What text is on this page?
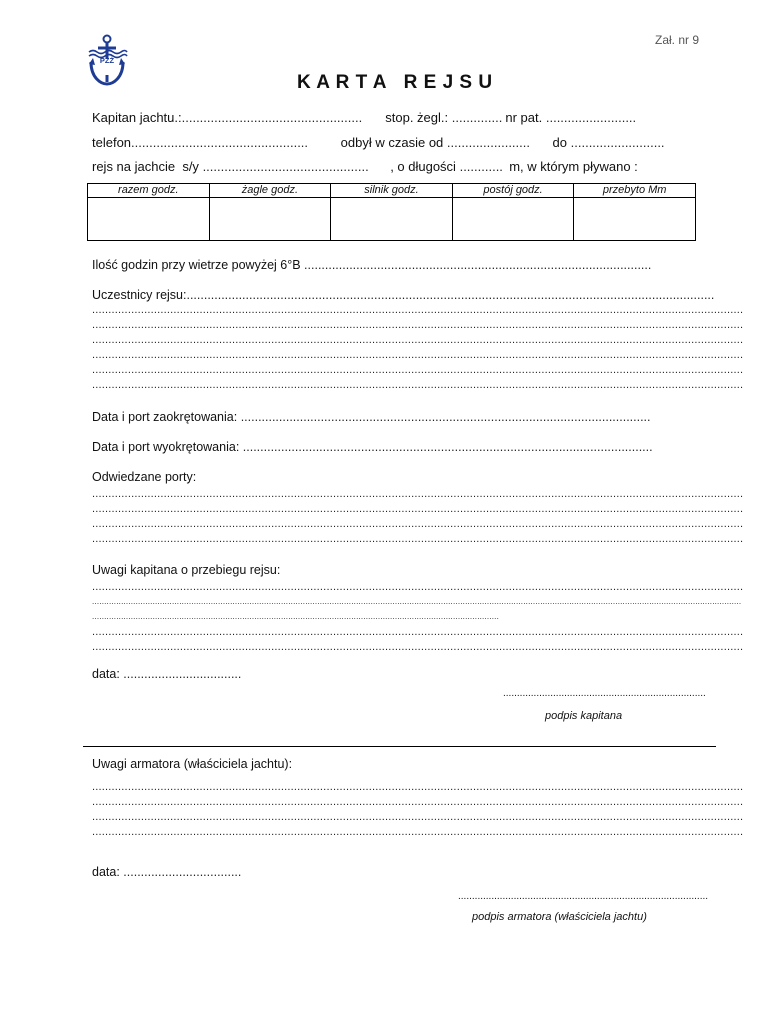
PZŻ
Zał. nr 9
K A R T A   R E J S U
Kapitan jachtu.:.................................................. stop. żegl.: .............. nr pat. .........................
telefon.................................................	odbył w czasie od ....................... do ..........................
rejs na jachcie  s/y .............................................. , o długości ............ m, w którym pływano :
razem godz.	żagle godz.	silnik godz.	postój godz.	przebyto Mm

Ilość godzin przy wietrze powyżej 6°B ....................................................................................................
Uczestnicy rejsu:........................................................................................................................................................
........................................................................................................................................................................................................
........................................................................................................................................................................................................
........................................................................................................................................................................................................
........................................................................................................................................................................................................
........................................................................................................................................................................................................
........................................................................................................................................................................................................
Data i port zaokrętowania: ......................................................................................................................
Data i port wyokrętowania: ......................................................................................................................
Odwiedzane porty:
........................................................................................................................................................................................................
........................................................................................................................................................................................................
........................................................................................................................................................................................................
........................................................................................................................................................................................................
Uwagi kapitana o przebiegu rejsu:
........................................................................................................................................................................................................
............................................................................................................................................................................................................................................................................
........................................................................................................................................................................
........................................................................................................................................................................................................
........................................................................................................................................................................................................
data: ..................................
.........................................................................
podpis kapitana
Uwagi armatora (właściciela jachtu):
........................................................................................................................................................................................................
........................................................................................................................................................................................................
........................................................................................................................................................................................................
........................................................................................................................................................................................................
data: ..................................
..........................................................................................
podpis armatora (właściciela jachtu)
